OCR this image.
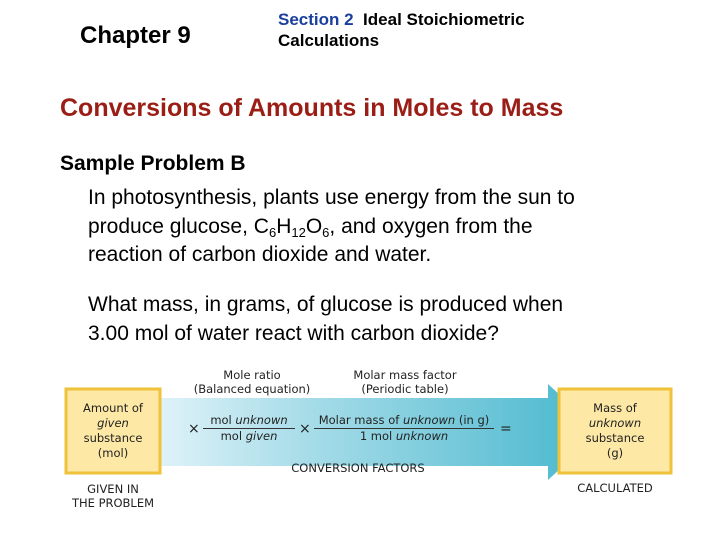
Chapter 9
Section 2 Ideal Stoichiometric
Calculations
Conversions of Amounts in Moles to Mass
Sample Problem B
In photosynthesis, plants use energy from the sun to
produce glucose, $C_6H_{12}O_6$, and oxygen from the
reaction of carbon dioxide and water.
What mass, in grams, of glucose is produced when
3.00 mol of water react with carbon dioxide?
Amount of
given
substance
(mol)
GIVEN IN
THE PROBLEM
Mole ratio
(Balanced equation)
Molar mass factor
(Periodic table)
×
mol unknown
mol given	×
Molar mass of unknown (in g)
1 mol unknown	=
CONVERSION FACTORS
Mass of
unknown
substance
(g)
CALCULATED
